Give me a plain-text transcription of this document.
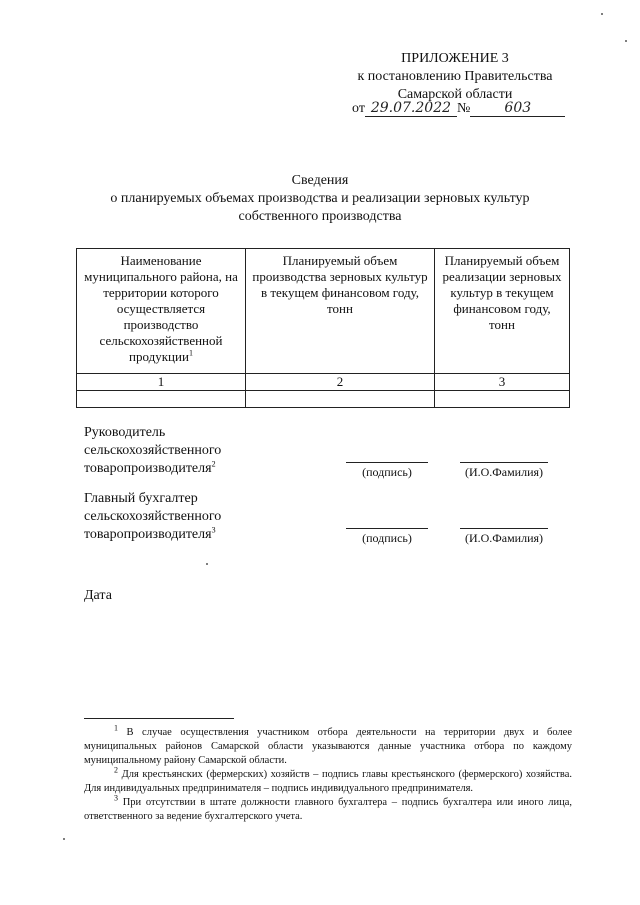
ПРИЛОЖЕНИЕ 3
к постановлению Правительства
Самарской области
от 29.07.2022 № 603
Сведения
о планируемых объемах производства и реализации зерновых культур
собственного производства
Наименование муниципального района, на территории которого осуществляется производство сельскохозяйственной продукции$^1$	Планируемый объем производства зерновых культур в текущем финансовом году, тонн	Планируемый объем реализации зерновых культур в текущем финансовом году, тонн
1	2	3

Руководитель
сельскохозяйственного
товаропроизводителя$^2$
(подпись)	(И.О.Фамилия)
Главный бухгалтер
сельскохозяйственного
товаропроизводителя$^3$
(подпись)	(И.О.Фамилия)
Дата

$^1$ В случае осуществления участником отбора деятельности на территории двух и более муниципальных районов Самарской области указываются данные участника отбора по каждому муниципальному району Самарской области.

$^2$ Для крестьянских (фермерских) хозяйств – подпись главы крестьянского (фермерского) хозяйства. Для индивидуальных предпринимателя – подпись индивидуального предпринимателя.

$^3$ При отсутствии в штате должности главного бухгалтера – подпись бухгалтера или иного лица, ответственного за ведение бухгалтерского учета.
